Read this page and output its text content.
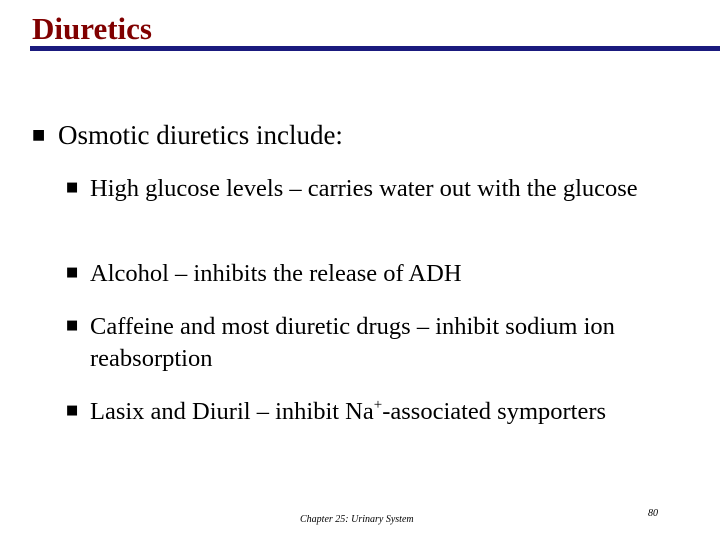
Diuretics
■ Osmotic diuretics include:
■ High glucose levels – carries water out with the glucose
■ Alcohol – inhibits the release of ADH
■ Caffeine and most diuretic drugs – inhibit sodium ion reabsorption
■ Lasix and Diuril – inhibit Na+-associated symporters
Chapter 25: Urinary System
80
